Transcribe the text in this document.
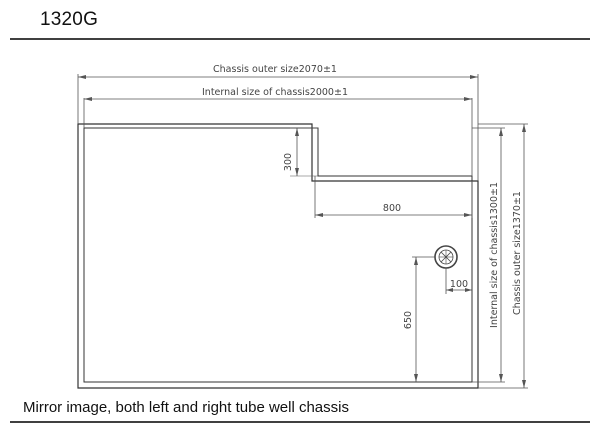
1320G
Chassis outer size2070±1
Internal size of chassis2000±1
300
800	Internal size of chassis1300±1 Chassis outer size1370±1
100
650
Mirror image, both left and right tube well chassis
